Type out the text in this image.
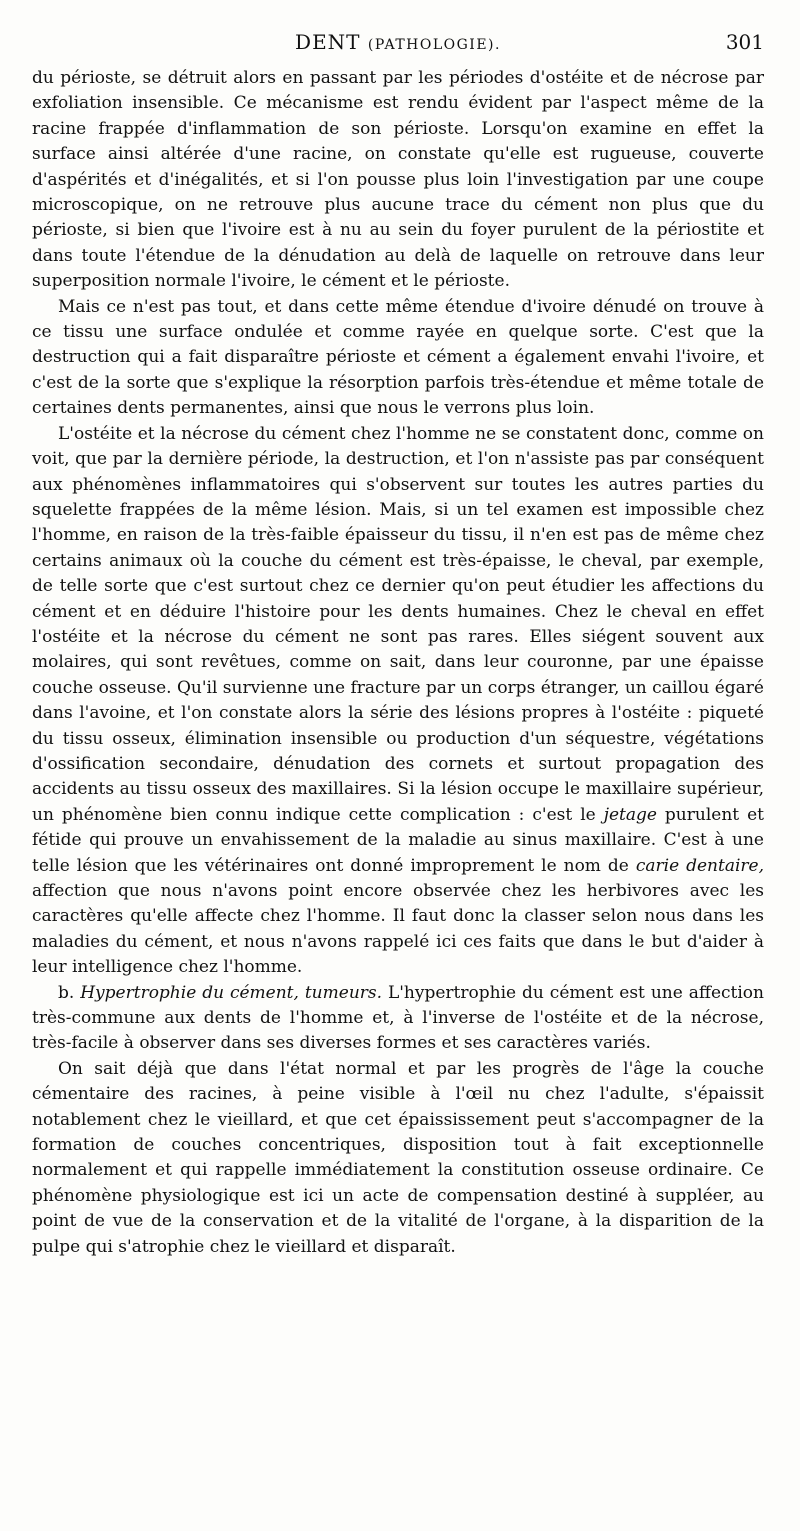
DENT (PATHOLOGIE).	301

du périoste, se détruit alors en passant par les périodes d'ostéite et de nécrose par exfoliation insensible. Ce mécanisme est rendu évident par l'aspect même de la racine frappée d'inflammation de son périoste. Lorsqu'on examine en effet la surface ainsi altérée d'une racine, on constate qu'elle est rugueuse, couverte d'aspérités et d'inégalités, et si l'on pousse plus loin l'investigation par une coupe microscopique, on ne retrouve plus aucune trace du cément non plus que du périoste, si bien que l'ivoire est à nu au sein du foyer purulent de la périostite et dans toute l'étendue de la dénudation au delà de laquelle on retrouve dans leur superposition normale l'ivoire, le cément et le périoste.

Mais ce n'est pas tout, et dans cette même étendue d'ivoire dénudé on trouve à ce tissu une surface ondulée et comme rayée en quelque sorte. C'est que la destruction qui a fait disparaître périoste et cément a également envahi l'ivoire, et c'est de la sorte que s'explique la résorption parfois très-étendue et même totale de certaines dents permanentes, ainsi que nous le verrons plus loin.

L'ostéite et la nécrose du cément chez l'homme ne se constatent donc, comme on voit, que par la dernière période, la destruction, et l'on n'assiste pas par conséquent aux phénomènes inflammatoires qui s'observent sur toutes les autres parties du squelette frappées de la même lésion. Mais, si un tel examen est impossible chez l'homme, en raison de la très-faible épaisseur du tissu, il n'en est pas de même chez certains animaux où la couche du cément est très-épaisse, le cheval, par exemple, de telle sorte que c'est surtout chez ce dernier qu'on peut étudier les affections du cément et en déduire l'histoire pour les dents humaines. Chez le cheval en effet l'ostéite et la nécrose du cément ne sont pas rares. Elles siégent souvent aux molaires, qui sont revêtues, comme on sait, dans leur couronne, par une épaisse couche osseuse. Qu'il survienne une fracture par un corps étranger, un caillou égaré dans l'avoine, et l'on constate alors la série des lésions propres à l'ostéite : piqueté du tissu osseux, élimination insensible ou production d'un séquestre, végétations d'ossification secondaire, dénudation des cornets et surtout propagation des accidents au tissu osseux des maxillaires. Si la lésion occupe le maxillaire supérieur, un phénomène bien connu indique cette complication : c'est le jetage purulent et fétide qui prouve un envahissement de la maladie au sinus maxillaire. C'est à une telle lésion que les vétérinaires ont donné improprement le nom de carie dentaire, affection que nous n'avons point encore observée chez les herbivores avec les caractères qu'elle affecte chez l'homme. Il faut donc la classer selon nous dans les maladies du cément, et nous n'avons rappelé ici ces faits que dans le but d'aider à leur intelligence chez l'homme.

b. Hypertrophie du cément, tumeurs. L'hypertrophie du cément est une affection très-commune aux dents de l'homme et, à l'inverse de l'ostéite et de la nécrose, très-facile à observer dans ses diverses formes et ses caractères variés.

On sait déjà que dans l'état normal et par les progrès de l'âge la couche cémentaire des racines, à peine visible à l'œil nu chez l'adulte, s'épaissit notablement chez le vieillard, et que cet épaississement peut s'accompagner de la formation de couches concentriques, disposition tout à fait exceptionnelle normalement et qui rappelle immédiatement la constitution osseuse ordinaire. Ce phénomène physiologique est ici un acte de compensation destiné à suppléer, au point de vue de la conservation et de la vitalité de l'organe, à la disparition de la pulpe qui s'atrophie chez le vieillard et disparaît.
